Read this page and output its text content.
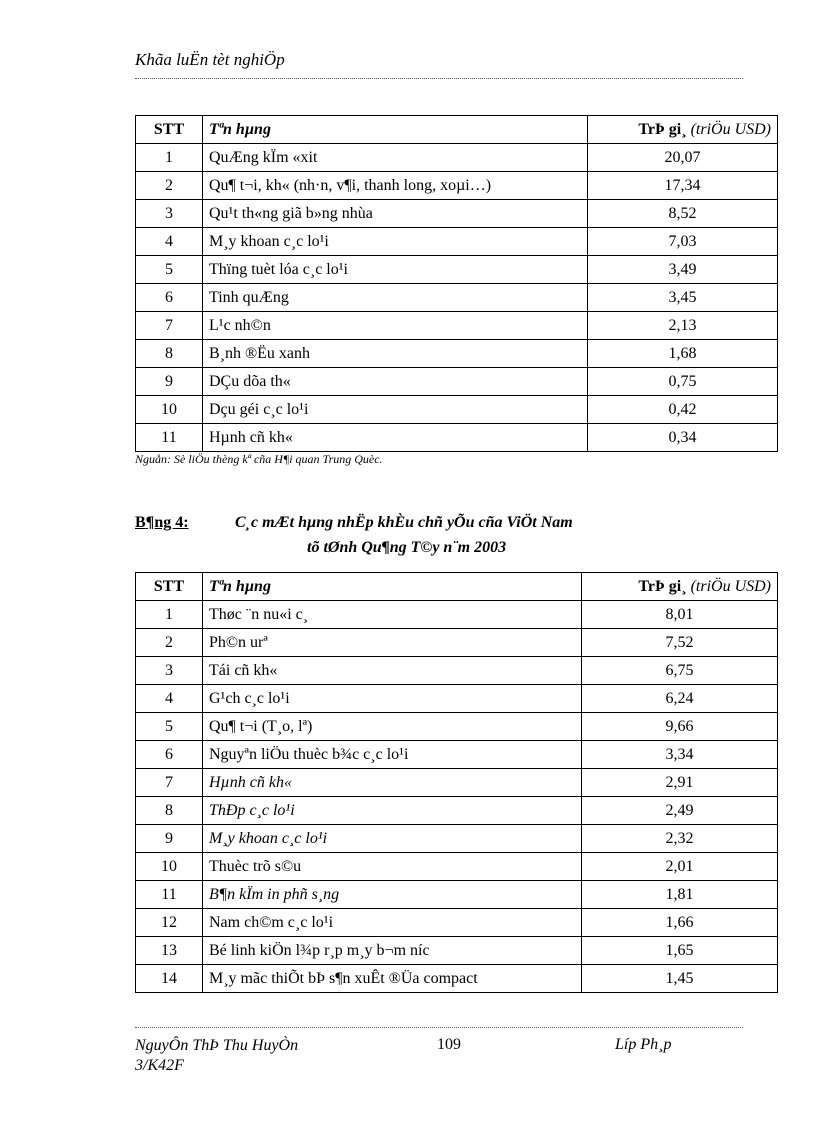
Khãa luËn tèt nghiÖp
STT	Tªn hµng	TrÞ gi¸ (triÖu USD)
1	QuÆng kÏm «xit	20,07
2	Qu¶ t¬i, kh« (nh·n, v¶i, thanh long, xoµi…)	17,34
3	Qu¹t th«ng giã b»ng nhùa	8,52
4	M¸y khoan c¸c lo¹i	7,03
5	Thïng tuèt lóa c¸c lo¹i	3,49
6	Tinh quÆng	3,45
7	L¹c nh©n	2,13
8	B¸nh ®Ëu xanh	1,68
9	DÇu dõa th«	0,75
10	Dçu géi c¸c lo¹i	0,42
11	Hµnh cñ kh«	0,34
Nguån: Sè liÖu thèng kª cña H¶i quan Trung Quèc.
B¶ng 4:	C¸c mÆt hµng nhËp khÈu chñ yÕu cña ViÖt Nam
tõ tØnh Qu¶ng T©y n¨m 2003
STT	Tªn hµng	TrÞ gi¸ (triÖu USD)
1	Thøc ¨n nu«i c¸	8,01
2	Ph©n urª	7,52
3	Tái cñ kh«	6,75
4	G¹ch c¸c lo¹i	6,24
5	Qu¶ t¬i (T¸o, lª)	9,66
6	Nguyªn liÖu thuèc b¾c c¸c lo¹i	3,34
7	Hµnh cñ kh«	2,91
8	ThÐp c¸c lo¹i	2,49
9	M¸y khoan c¸c lo¹i	2,32
10	Thuèc trõ s©u	2,01
11	B¶n kÏm in phñ s¸ng	1,81
12	Nam ch©m c¸c lo¹i	1,66
13	Bé linh kiÖn l¾p r¸p m¸y b¬m níc	1,65
14	M¸y mãc thiÕt bÞ s¶n xuÊt ®Üa compact	1,45
NguyÔn ThÞ Thu HuyÒn
3/K42F
109	Líp Ph¸p
